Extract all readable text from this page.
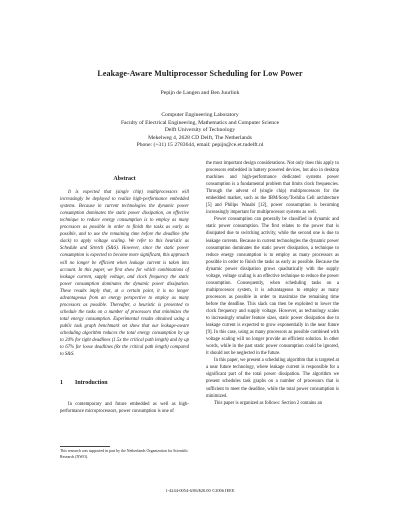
Leakage-Aware Multiprocessor Scheduling for Low Power
Pepijn de Langen and Ben Juurlink
Computer Engineering Laboratory
Faculty of Electrical Engineering, Mathematics and Computer Science
Delft University of Technology
Mekelweg 4, 2628 CD Delft, The Netherlands
Phone: (+31) 15 2783644, email: pepijn@ce.et.tudelft.nl
Abstract

It is expected that (single chip) multiprocessors will increasingly be deployed to realize high-performance embedded systems. Because in current technologies the dynamic power consumption dominates the static power dissipation, an effective technique to reduce energy consumption is to employ as many processors as possible in order to finish the tasks as early as possible, and to use the remaining time before the deadline (the slack) to apply voltage scaling. We refer to this heuristic as Schedule and Stretch (S&S). However, since the static power consumption is expected to become more significant, this approach will no longer be efficient when leakage current is taken into account. In this paper, we first show for which combinations of leakage current, supply voltage, and clock frequency the static power consumption dominates the dynamic power dissipation. These results imply that, at a certain point, it is no longer advantageous from an energy perspective to employ as many processors as possible. Thereafter, a heuristic is presented to schedule the tasks on a number of processors that minimizes the total energy consumption. Experimental results obtained using a public task graph benchmark set show that our leakage-aware scheduling algorithm reduces the total energy consumption by up to 24% for tight deadlines (1.5x the critical path length) and by up to 67% for loose deadlines (8x the critical path length) compared to S&S.

1 Introduction

In contemporary and future embedded as well as high-performance microprocessors, power consumption is one of

This research was supported in part by the Netherlands Organization for Scientific Research (NWO).

the most important design considerations. Not only does this apply to processors embedded in battery powered devices, but also in desktop machines and high-performance dedicated systems power consumption is a fundamental problem that limits clock frequencies. Through the advent of (single chip) multiprocessors for the embedded market, such as the IBM/Sony/Toshiba Cell architecture [5] and Philips Wasabi [12], power consumption is becoming increasingly important for multiprocessor systems as well.

Power consumption can generally be classified in dynamic and static power consumption. The first relates to the power that is dissipated due to switching activity, while the second one is due to leakage currents. Because in current technologies the dynamic power consumption dominates the static power dissipation, a technique to reduce energy consumption is to employ as many processors as possible in order to finish the tasks as early as possible. Because the dynamic power dissipation grows quadratically with the supply voltage, voltage scaling is an effective technique to reduce the power consumption. Consequently, when scheduling tasks on a multiprocessor system, it is advantageous to employ as many processors as possible in order to maximize the remaining time before the deadline. This slack can then be exploited to lower the clock frequency and supply voltage. However, as technology scales to increasingly smaller feature sizes, static power dissipation due to leakage current is expected to grow exponentially in the near future [9]. In this case, using as many processors as possible combined with voltage scaling will no longer provide an efficient solution. In other words, while in the past static power consumption could be ignored, it should not be neglected in the future.

In this paper, we present a scheduling algorithm that is targeted at a near future technology, where leakage current is responsible for a significant part of the total power dissipation. The algorithm we present schedules task graphs on a number of processors that is sufficient to meet the deadline, while the total power consumption is minimized.

This paper is organized as follows: Section 2 contains an

1-4244-0054-6/06/$20.00 ©2006 IEEE
